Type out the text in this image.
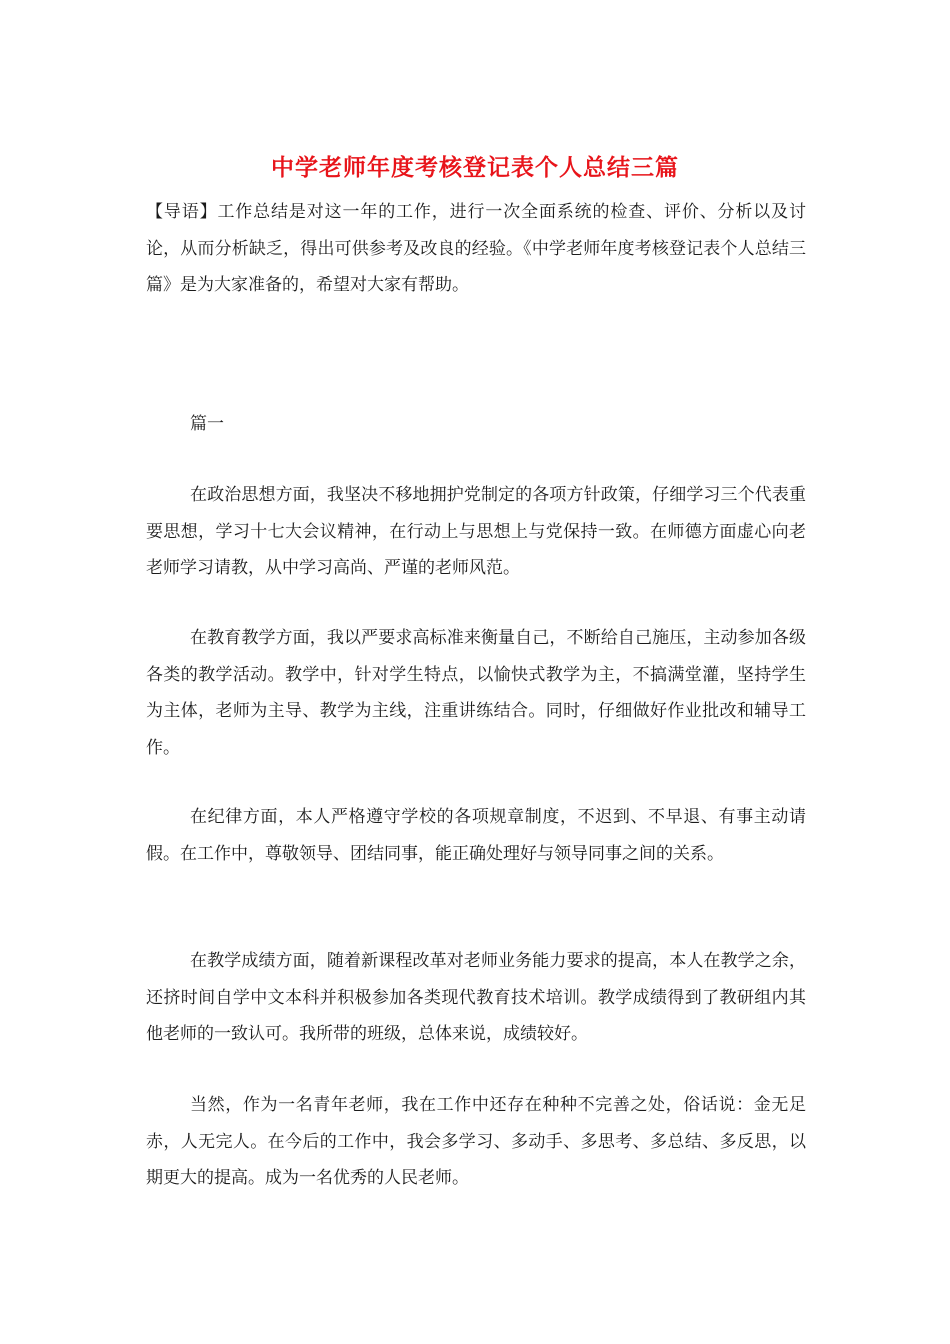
中学老师年度考核登记表个人总结三篇
【导语】工作总结是对这一年的工作，进行一次全面系统的检查、评价、分析以及讨论，从而分析缺乏，得出可供参考及改良的经验。《中学老师年度考核登记表个人总结三篇》是为大家准备的，希望对大家有帮助。
篇一
在政治思想方面，我坚决不移地拥护党制定的各项方针政策，仔细学习三个代表重要思想，学习十七大会议精神，在行动上与思想上与党保持一致。在师德方面虚心向老老师学习请教，从中学习高尚、严谨的老师风范。
在教育教学方面，我以严要求高标准来衡量自己，不断给自己施压，主动参加各级各类的教学活动。教学中，针对学生特点，以愉快式教学为主，不搞满堂灌，坚持学生为主体，老师为主导、教学为主线，注重讲练结合。同时，仔细做好作业批改和辅导工作。
在纪律方面，本人严格遵守学校的各项规章制度，不迟到、不早退、有事主动请假。在工作中，尊敬领导、团结同事，能正确处理好与领导同事之间的关系。
在教学成绩方面，随着新课程改革对老师业务能力要求的提高，本人在教学之余，还挤时间自学中文本科并积极参加各类现代教育技术培训。教学成绩得到了教研组内其他老师的一致认可。我所带的班级，总体来说，成绩较好。
当然，作为一名青年老师，我在工作中还存在种种不完善之处，俗话说：金无足赤，人无完人。在今后的工作中，我会多学习、多动手、多思考、多总结、多反思，以期更大的提高。成为一名优秀的人民老师。
